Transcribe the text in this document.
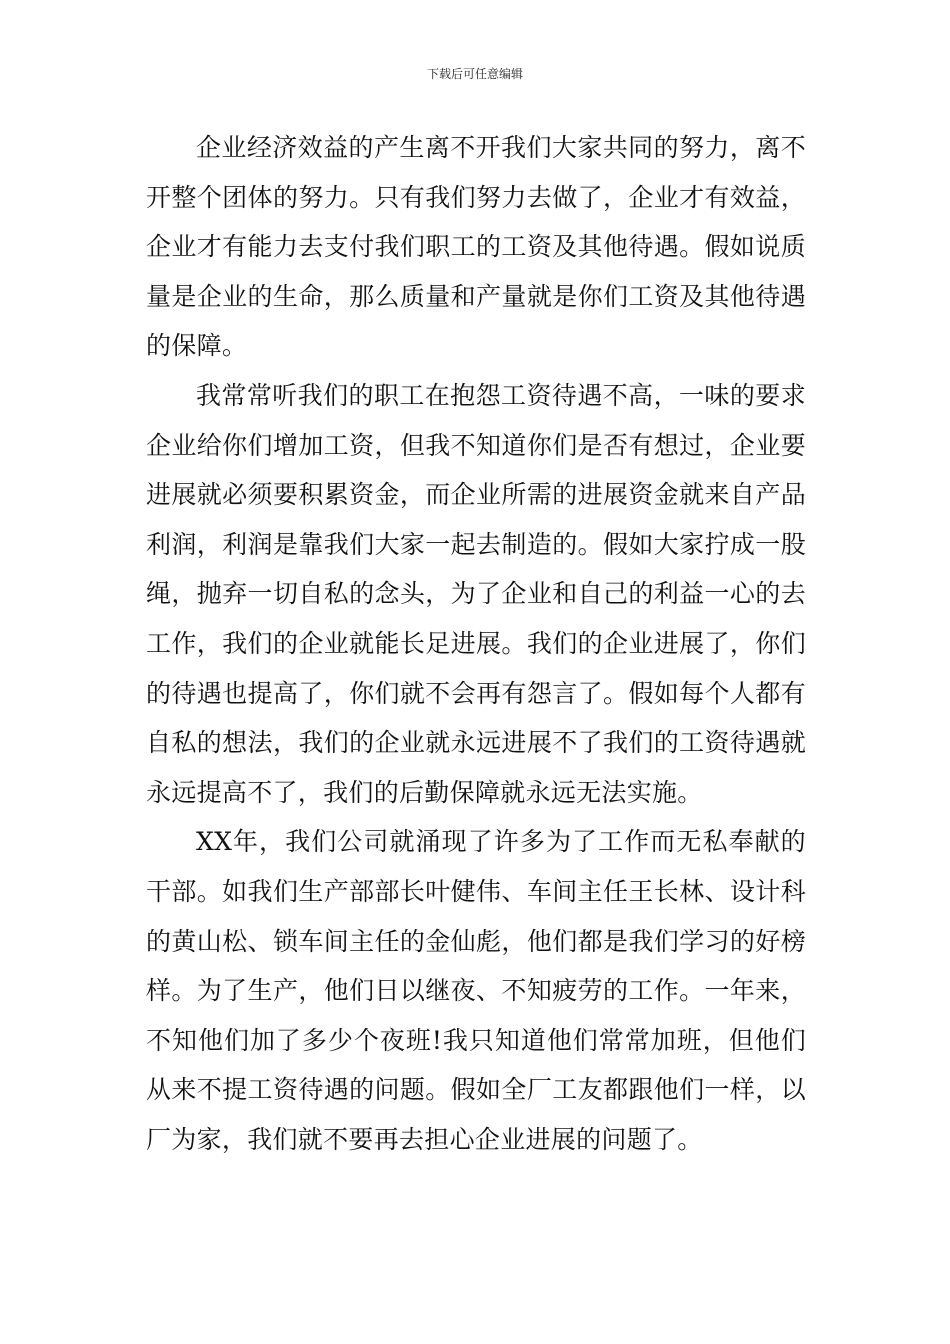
下载后可任意编辑

企业经济效益的产生离不开我们大家共同的努力，离不开整个团体的努力。只有我们努力去做了，企业才有效益，企业才有能力去支付我们职工的工资及其他待遇。假如说质量是企业的生命，那么质量和产量就是你们工资及其他待遇的保障。

我常常听我们的职工在抱怨工资待遇不高，一味的要求企业给你们增加工资，但我不知道你们是否有想过，企业要进展就必须要积累资金，而企业所需的进展资金就来自产品利润，利润是靠我们大家一起去制造的。假如大家拧成一股绳，抛弃一切自私的念头，为了企业和自己的利益一心的去工作，我们的企业就能长足进展。我们的企业进展了，你们的待遇也提高了，你们就不会再有怨言了。假如每个人都有自私的想法，我们的企业就永远进展不了我们的工资待遇就永远提高不了，我们的后勤保障就永远无法实施。

XX年，我们公司就涌现了许多为了工作而无私奉献的干部。如我们生产部部长叶健伟、车间主任王长林、设计科的黄山松、锁车间主任的金仙彪，他们都是我们学习的好榜样。为了生产，他们日以继夜、不知疲劳的工作。一年来，不知他们加了多少个夜班!我只知道他们常常加班，但他们从来不提工资待遇的问题。假如全厂工友都跟他们一样，以厂为家，我们就不要再去担心企业进展的问题了。
